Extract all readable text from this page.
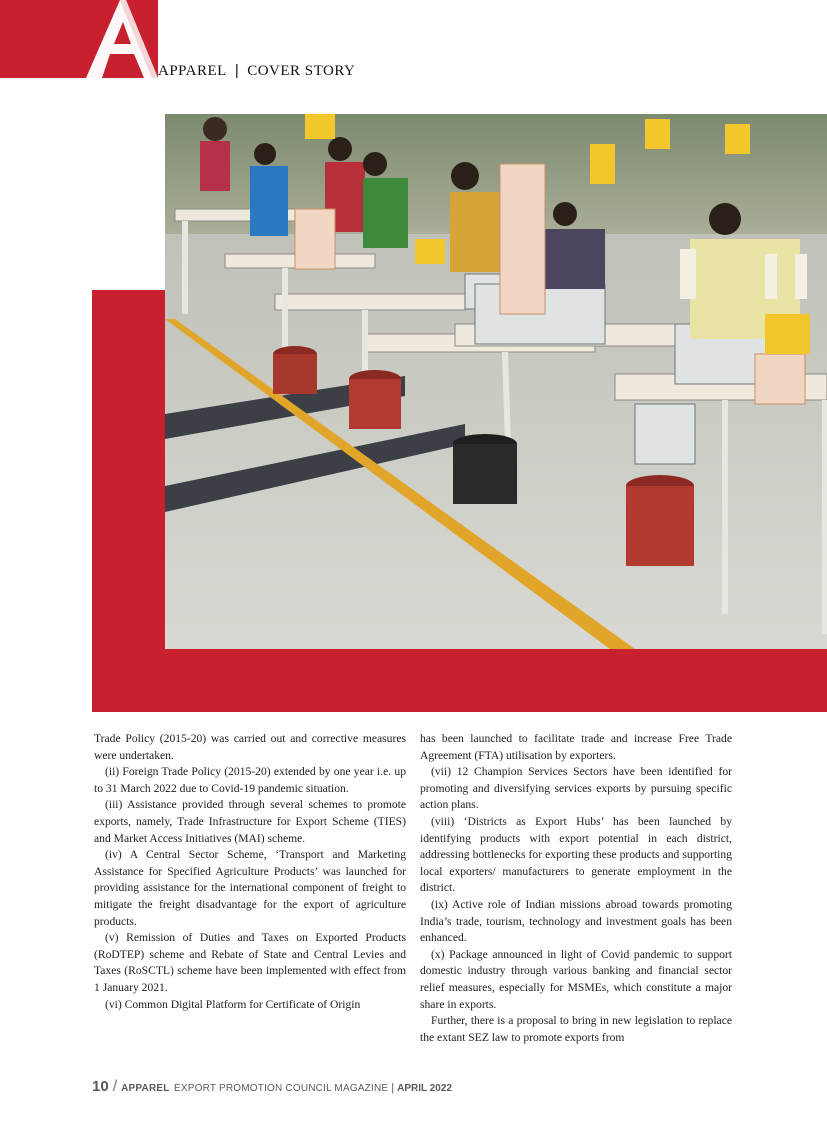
APPAREL | COVER STORY

Trade Policy (2015-20) was carried out and corrective measures were undertaken.

(ii) Foreign Trade Policy (2015-20) extended by one year i.e. up to 31 March 2022 due to Covid-19 pandemic situation.

(iii) Assistance provided through several schemes to promote exports, namely, Trade Infrastructure for Export Scheme (TIES) and Market Access Initiatives (MAI) scheme.

(iv) A Central Sector Scheme, ‘Transport and Marketing Assistance for Specified Agriculture Products’ was launched for providing assistance for the international component of freight to mitigate the freight disadvantage for the export of agriculture products.

(v) Remission of Duties and Taxes on Exported Products (RoDTEP) scheme and Rebate of State and Central Levies and Taxes (RoSCTL) scheme have been implemented with effect from 1 January 2021.

(vi) Common Digital Platform for Certificate of Origin

has been launched to facilitate trade and increase Free Trade Agreement (FTA) utilisation by exporters.

(vii) 12 Champion Services Sectors have been identified for promoting and diversifying services exports by pursuing specific action plans.

(viii) ‘Districts as Export Hubs’ has been launched by identifying products with export potential in each district, addressing bottlenecks for exporting these products and supporting local exporters/ manufacturers to generate employment in the district.

(ix) Active role of Indian missions abroad towards promoting India’s trade, tourism, technology and investment goals has been enhanced.

(x) Package announced in light of Covid pandemic to support domestic industry through various banking and financial sector relief measures, especially for MSMEs, which constitute a major share in exports.

Further, there is a proposal to bring in new legislation to replace the extant SEZ law to promote exports from

10 / APPAREL EXPORT PROMOTION COUNCIL MAGAZINE | APRIL 2022
